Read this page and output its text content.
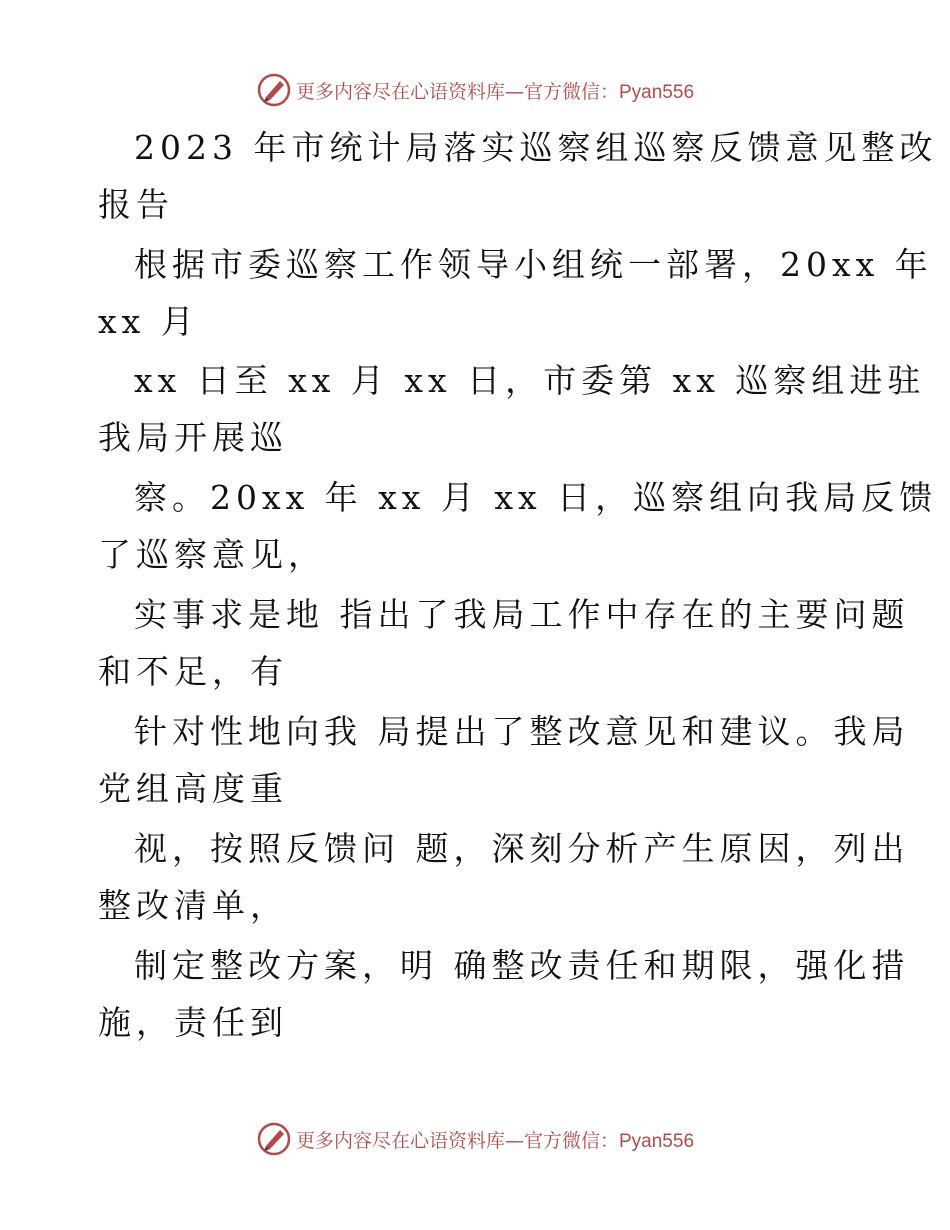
更多内容尽在心语资料库—官方微信：Pyan556
2023 年市统计局落实巡察组巡察反馈意见整改
报告
根据市委巡察工作领导小组统一部署，20xx 年
xx 月
xx 日至 xx 月 xx 日，市委第 xx 巡察组进驻
我局开展巡
察。20xx 年 xx 月 xx 日，巡察组向我局反馈
了巡察意见，
实事求是地 指出了我局工作中存在的主要问题
和不足，有
针对性地向我 局提出了整改意见和建议。我局
党组高度重
视，按照反馈问 题，深刻分析产生原因，列出
整改清单，
制定整改方案，明 确整改责任和期限，强化措
施，责任到
更多内容尽在心语资料库—官方微信：Pyan556
